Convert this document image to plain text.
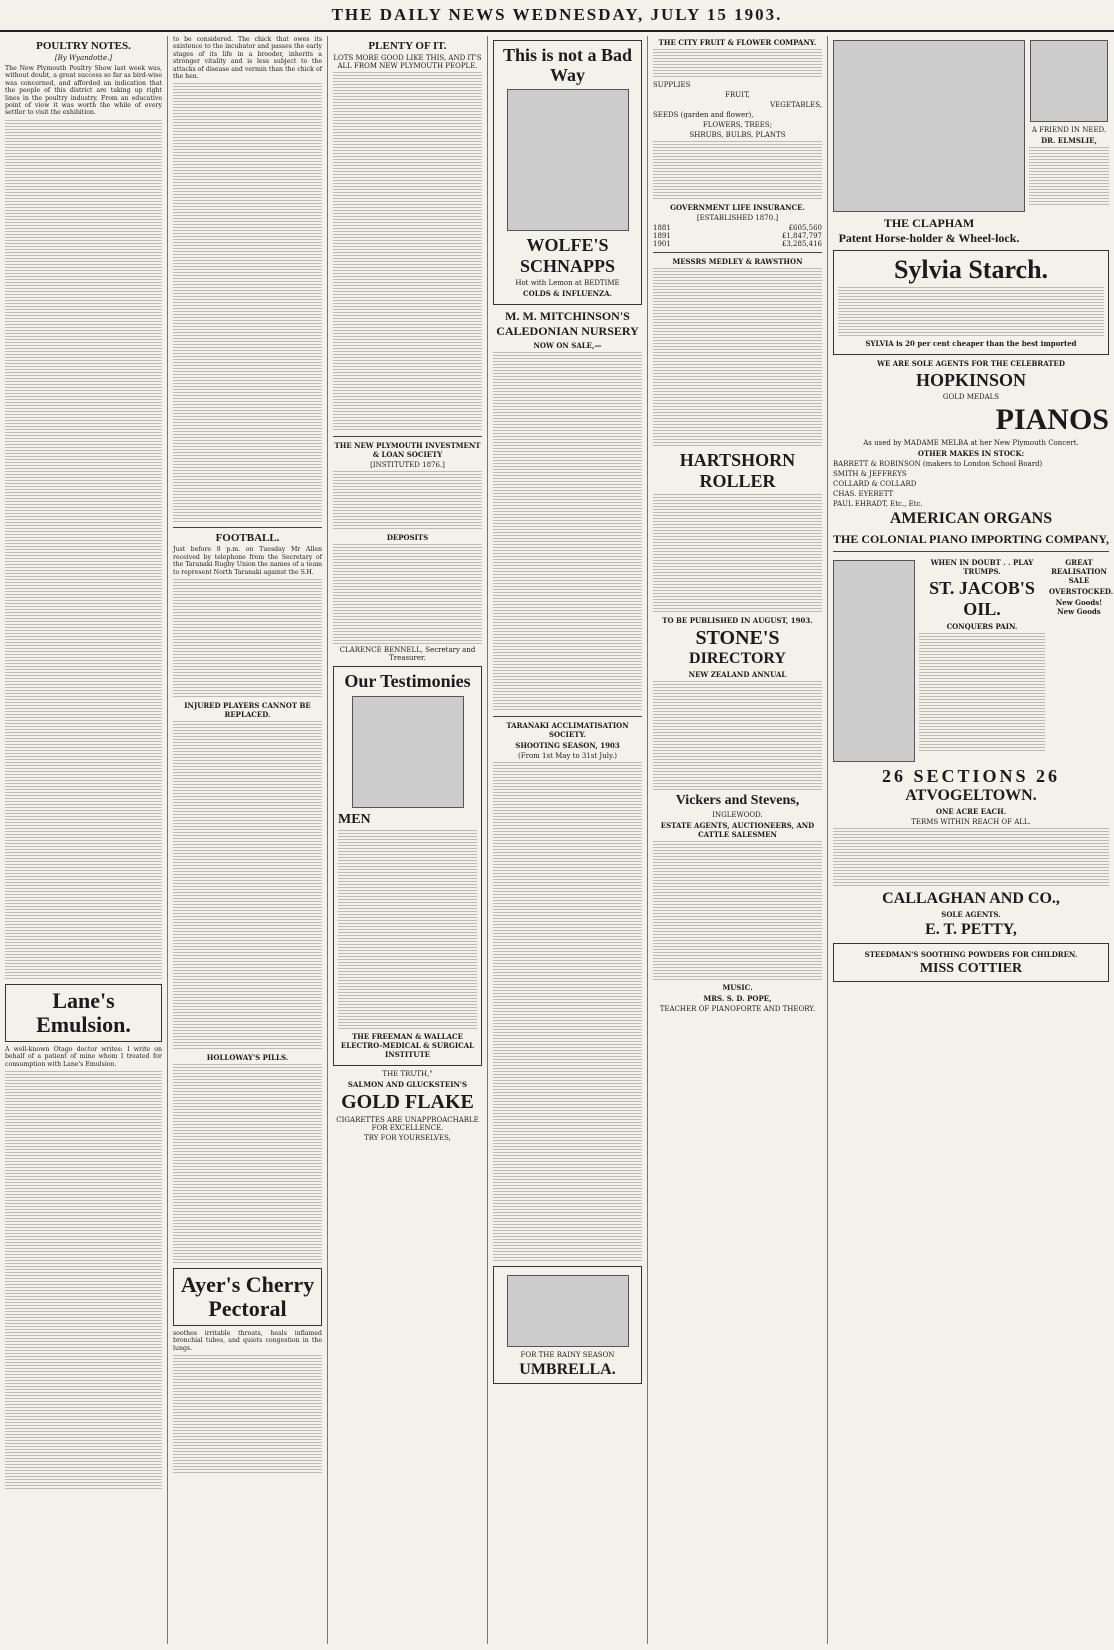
THE DAILY NEWS WEDNESDAY, JULY 15 1903.
POULTRY NOTES.
[By Wyandotte.]

The New Plymouth Poultry Show last week was, without doubt, a great success so far as bird-wise was concerned, and afforded an indication that the people of this district are taking up right lines in the poultry industry. From an educative point of view it was worth the while of every settler to visit the exhibition.

Lane's Emulsion.

A well-known Otago doctor writes: I write on behalf of a patient of mine whom I treated for consumption with Lane's Emulsion.

to be considered. The chick that owes its existence to the incubator and passes the early stages of its life in a brooder, inherits a stronger vitality and is less subject to the attacks of disease and vermin than the chick of the hen.

FOOTBALL.

Just before 8 p.m. on Tuesday Mr Allen received by telephone from the Secretary of the Taranaki Rugby Union the names of a team to represent North Taranaki against the S.H.

INJURED PLAYERS CANNOT BE REPLACED.
HOLLOWAY'S PILLS.
Ayer's Cherry Pectoral

soothes irritable throats, heals inflamed bronchial tubes, and quiets congestion in the lungs.

PLENTY OF IT.
LOTS MORE GOOD LIKE THIS, AND IT'S ALL FROM NEW PLYMOUTH PEOPLE.
THE NEW PLYMOUTH INVESTMENT & LOAN SOCIETY
[INSTITUTED 1876.]
DEPOSITS
CLARENCE BENNELL, Secretary and Treasurer.
Our Testimonies
MEN
THE FREEMAN & WALLACE ELECTRO-MEDICAL & SURGICAL INSTITUTE
THE TRUTH,"
SALMON AND GLUCKSTEIN'S
GOLD FLAKE
CIGARETTES ARE UNAPPROACHABLE FOR EXCELLENCE.
TRY FOR YOURSELVES,
This is not a Bad Way
WOLFE'S SCHNAPPS
Hot with Lemon at BEDTIME
COLDS & INFLUENZA.
M. M. MITCHINSON'S CALEDONIAN NURSERY
NOW ON SALE,—
TARANAKI ACCLIMATISATION SOCIETY.
SHOOTING SEASON, 1903
(From 1st May to 31st July.)
FOR THE RAINY SEASON
UMBRELLA.
THE CITY FRUIT & FLOWER COMPANY.
SUPPLIES
FRUIT,
VEGETABLES,
SEEDS (garden and flower),
FLOWERS, TREES;
SHRUBS, BULBS, PLANTS
GOVERNMENT LIFE INSURANCE.
[ESTABLISHED 1870.]
1881	£605,560
1891	£1,847,797
1901	£3,285,416
MESSRS MEDLEY & RAWSTHON
HARTSHORN ROLLER
TO BE PUBLISHED IN AUGUST, 1903.
STONE'S
DIRECTORY
NEW ZEALAND ANNUAL
Vickers and Stevens,
INGLEWOOD.
ESTATE AGENTS, AUCTIONEERS, AND CATTLE SALESMEN
MUSIC.
MRS. S. D. POPE,
TEACHER OF PIANOFORTE AND THEORY.
THE CLAPHAM
Patent Horse-holder & Wheel-lock.
A FRIEND IN NEED.
DR. ELMSLIE,
Sylvia Starch.
SYLVIA is 20 per cent cheaper than the best imported
WE ARE SOLE AGENTS FOR THE CELEBRATED
HOPKINSON
GOLD MEDALS
PIANOS
As used by MADAME MELBA at her New Plymouth Concert.
OTHER MAKES IN STOCK:
BARRETT & ROBINSON (makers to London School Board)
SMITH & JEFFREYS
COLLARD & COLLARD
CHAS. EYERETT
PAUL EHRADT, Etc., Etc.
AMERICAN ORGANS
THE COLONIAL PIANO IMPORTING COMPANY,
WHEN IN DOUBT . . PLAY TRUMPS.
ST. JACOB'S OIL.
CONQUERS PAIN.
GREAT REALISATION SALE
OVERSTOCKED.
New Goods! New Goods
26 SECTIONS 26
ATVOGELTOWN.
ONE ACRE EACH.
TERMS WITHIN REACH OF ALL.
CALLAGHAN AND CO.,
SOLE AGENTS.
E. T. PETTY,
STEEDMAN'S SOOTHING POWDERS FOR CHILDREN.
MISS COTTIER
